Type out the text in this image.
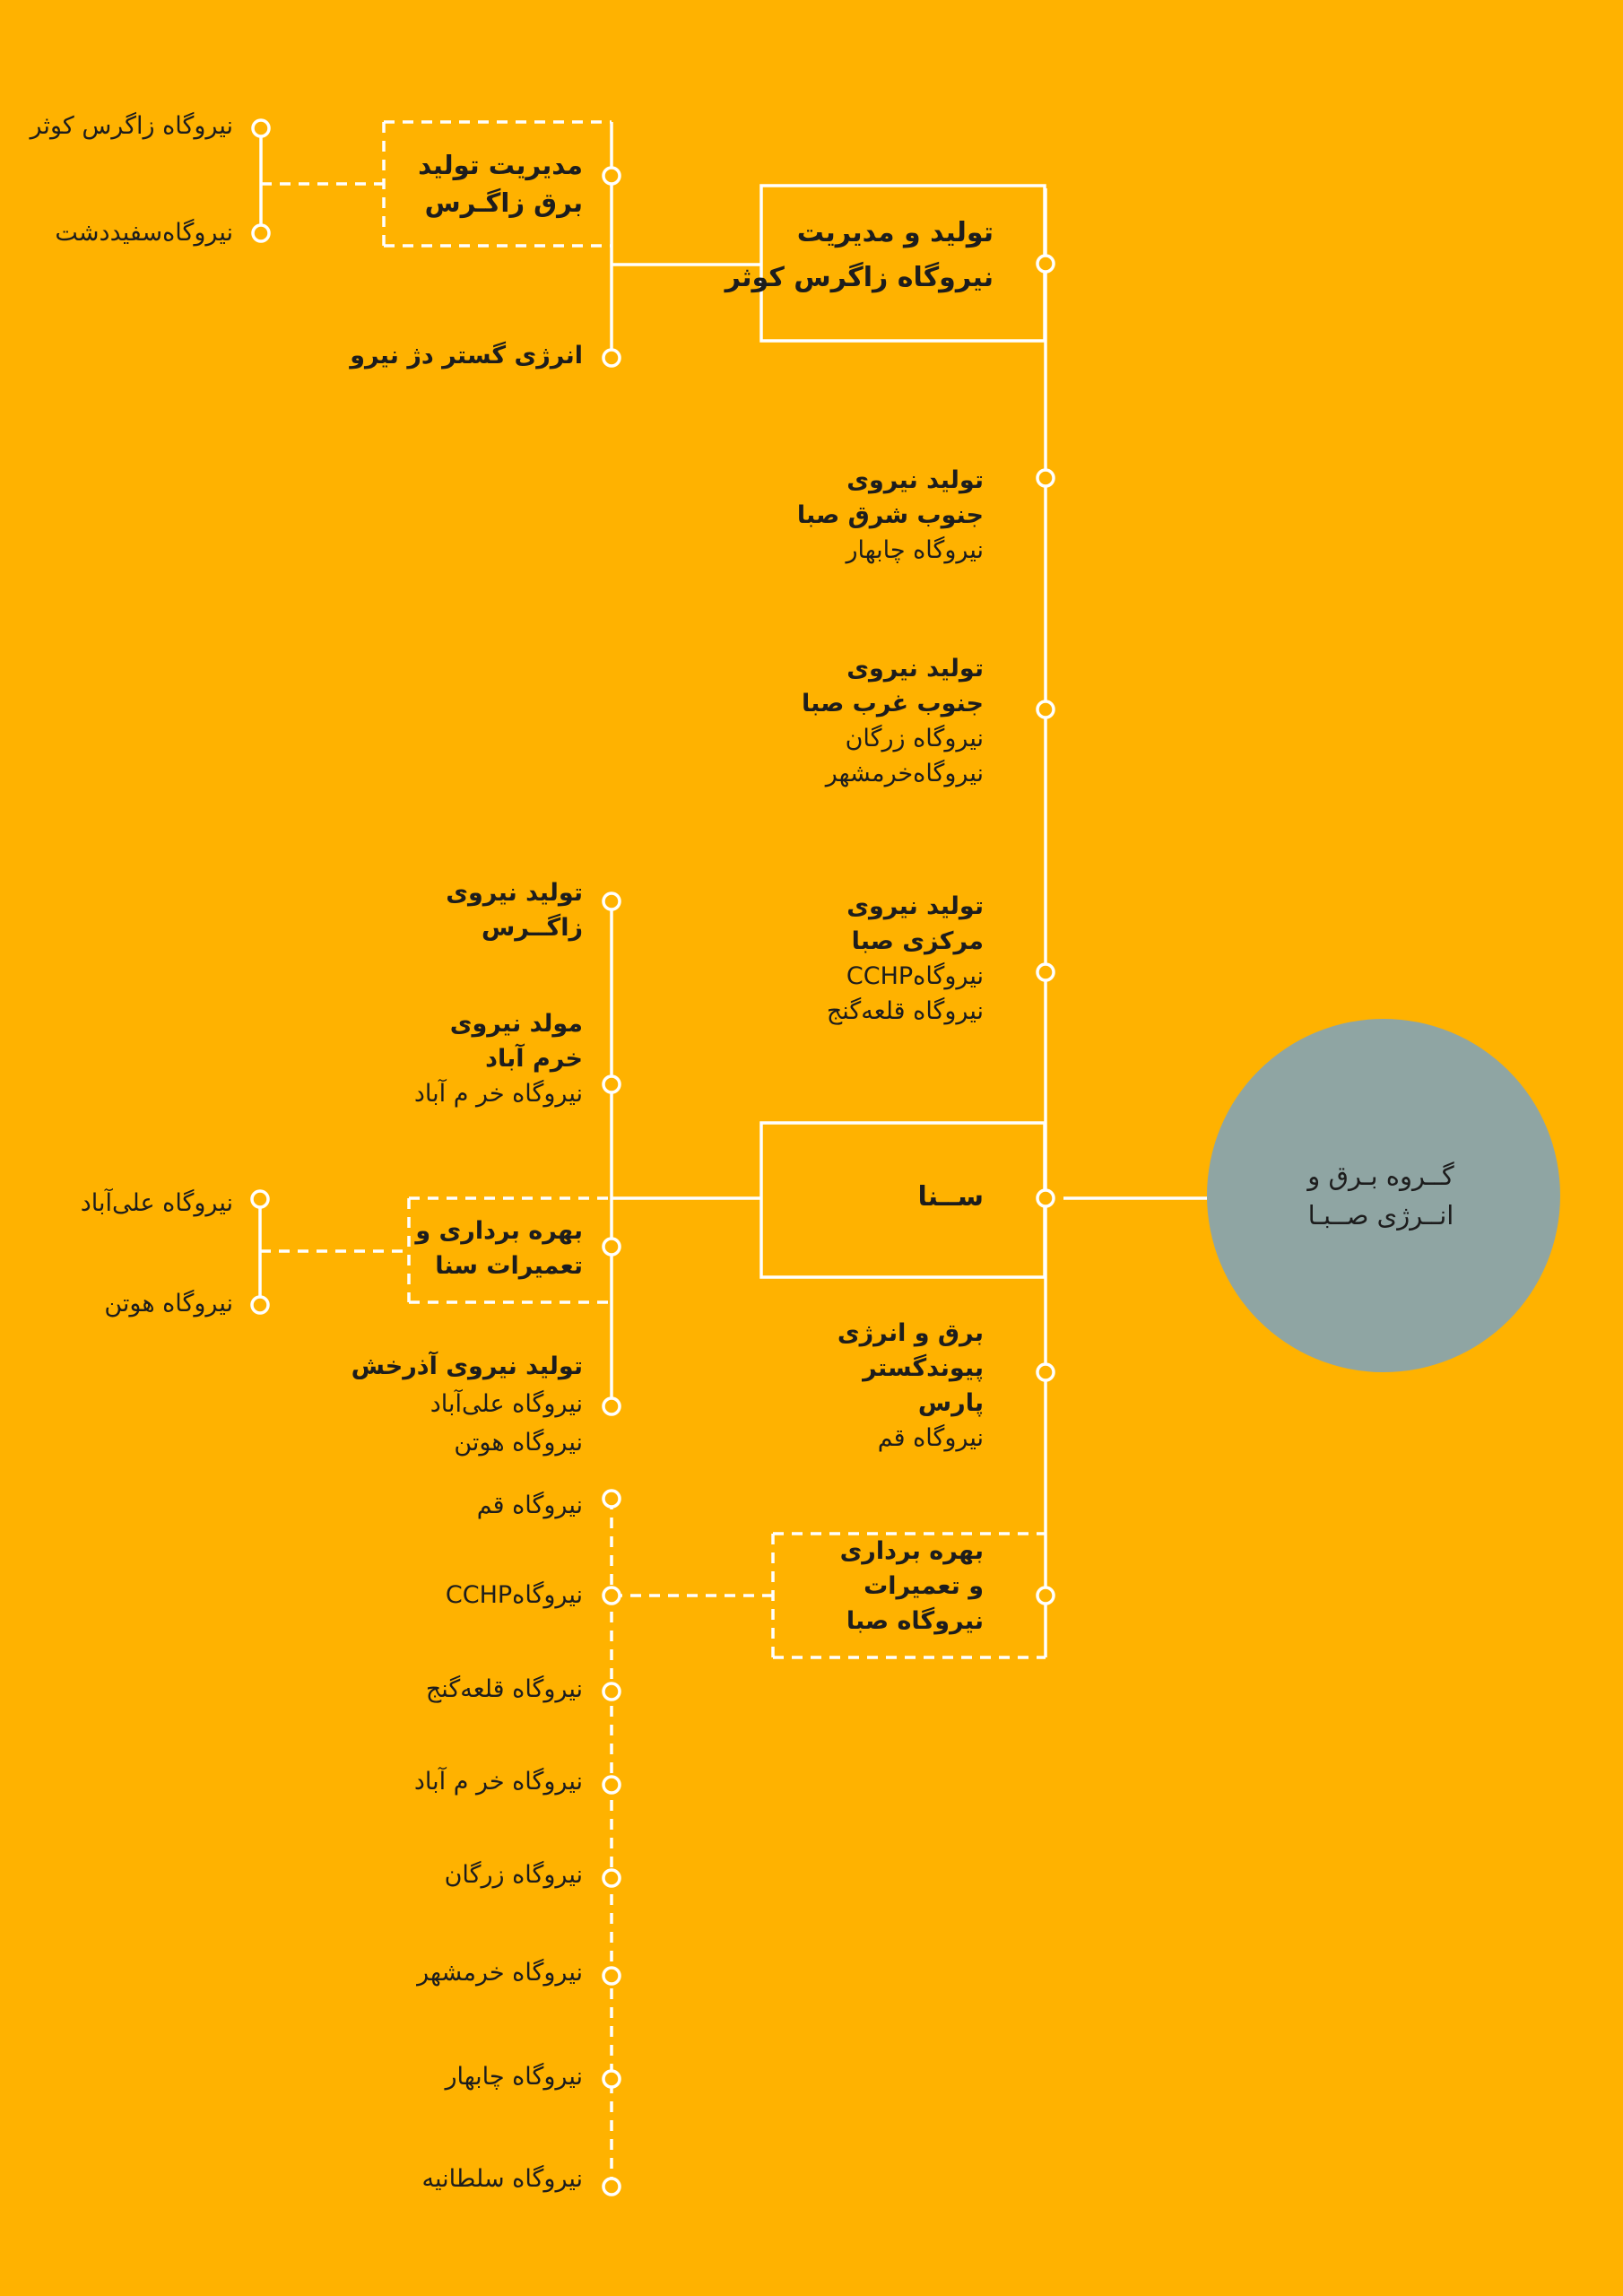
گــروه بـرق و
انــرژی صــبـا
تولید و مدیریت
نیروگاه زاگرس کوثر
مدیریت تولید
برق زاگـرس
نیروگاه زاگرس کوثر
نیروگاه‌سفیددشت
انرژی گستر دژ نیرو
تولید نیروی
جنوب شرق صبا
نیروگاه چابهار
تولید نیروی
جنوب غرب صبا
نیروگاه زرگان
نیروگاه‌خرمشهر
تولید نیروی
مرکزی صبا
نیروگاهCCHP
نیروگاه قلعه‌گنج
ســنا
تولید نیروی
زاگــرس
مولد نیروی
خرم آباد
نیروگاه خر م آباد
بهره برداری و
تعمیرات سنا
نیروگاه علی‌آباد
نیروگاه هوتن
تولید نیروی آذرخش
نیروگاه علی‌آباد
نیروگاه هوتن
برق و انرژی
پیوندگستر
پارس
نیروگاه قم
بهره برداری
و تعمیرات
نیروگاه صبا
نیروگاه قم
نیروگاهCCHP
نیروگاه قلعه‌گنج
نیروگاه خر م آباد
نیروگاه زرگان
نیروگاه خرمشهر
نیروگاه چابهار
نیروگاه سلطانیه
